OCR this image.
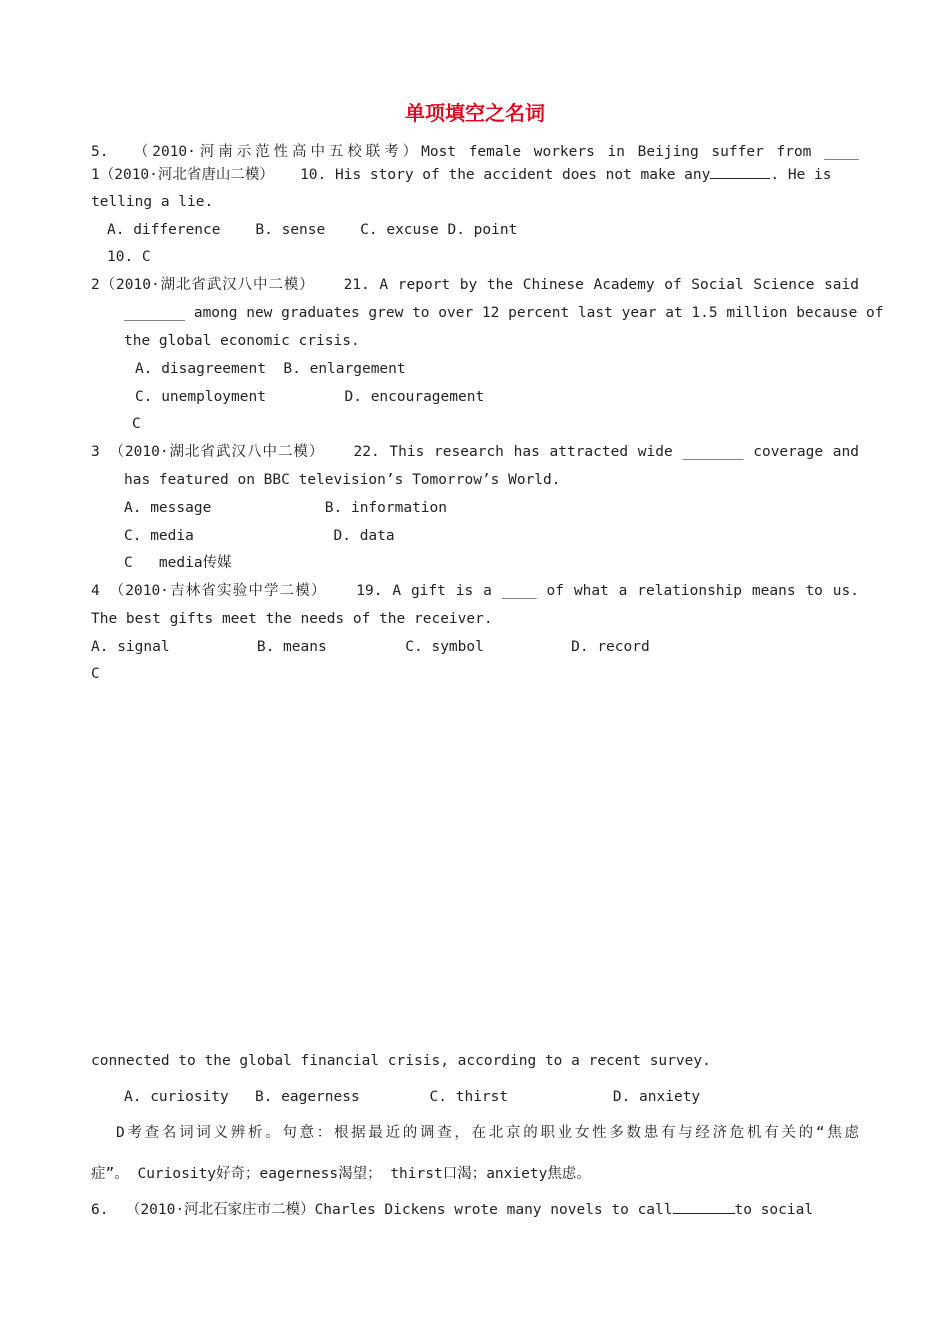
单项填空之名词
5.  （2010·河南示范性高中五校联考）Most female workers in Beijing suffer from ____
1（2010·河北省唐山二模）   10. His story of the accident does not make any	. He is
telling a lie.
A. difference    B. sense    C. excuse D. point
10. C
2（2010·湖北省武汉八中二模）   21. A report by the Chinese Academy of Social Science said
_______ among new graduates grew to over 12 percent last year at 1.5 million because of
the global economic crisis.
A. disagreement  B. enlargement
C. unemployment         D. encouragement
C
3 （2010·湖北省武汉八中二模）   22. This research has attracted wide _______ coverage and
has featured on BBC television’s Tomorrow’s World.
A. message             B. information
C. media                D. data
C   media传媒
4 （2010·吉林省实验中学二模）   19. A gift is a ____ of what a relationship means to us.
The best gifts meet the needs of the receiver.
A. signal          B. means         C. symbol          D. record
C
connected to the global financial crisis, according to a recent survey.
A. curiosity   B. eagerness        C. thirst            D. anxiety
D考查名词词义辨析。句意：根据最近的调查，在北京的职业女性多数患有与经济危机有关的“焦虑
症”。 Curiosity好奇；eagerness渴望； thirst口渴；anxiety焦虑。
6.  （2010·河北石家庄市二模）Charles Dickens wrote many novels to call	to social
